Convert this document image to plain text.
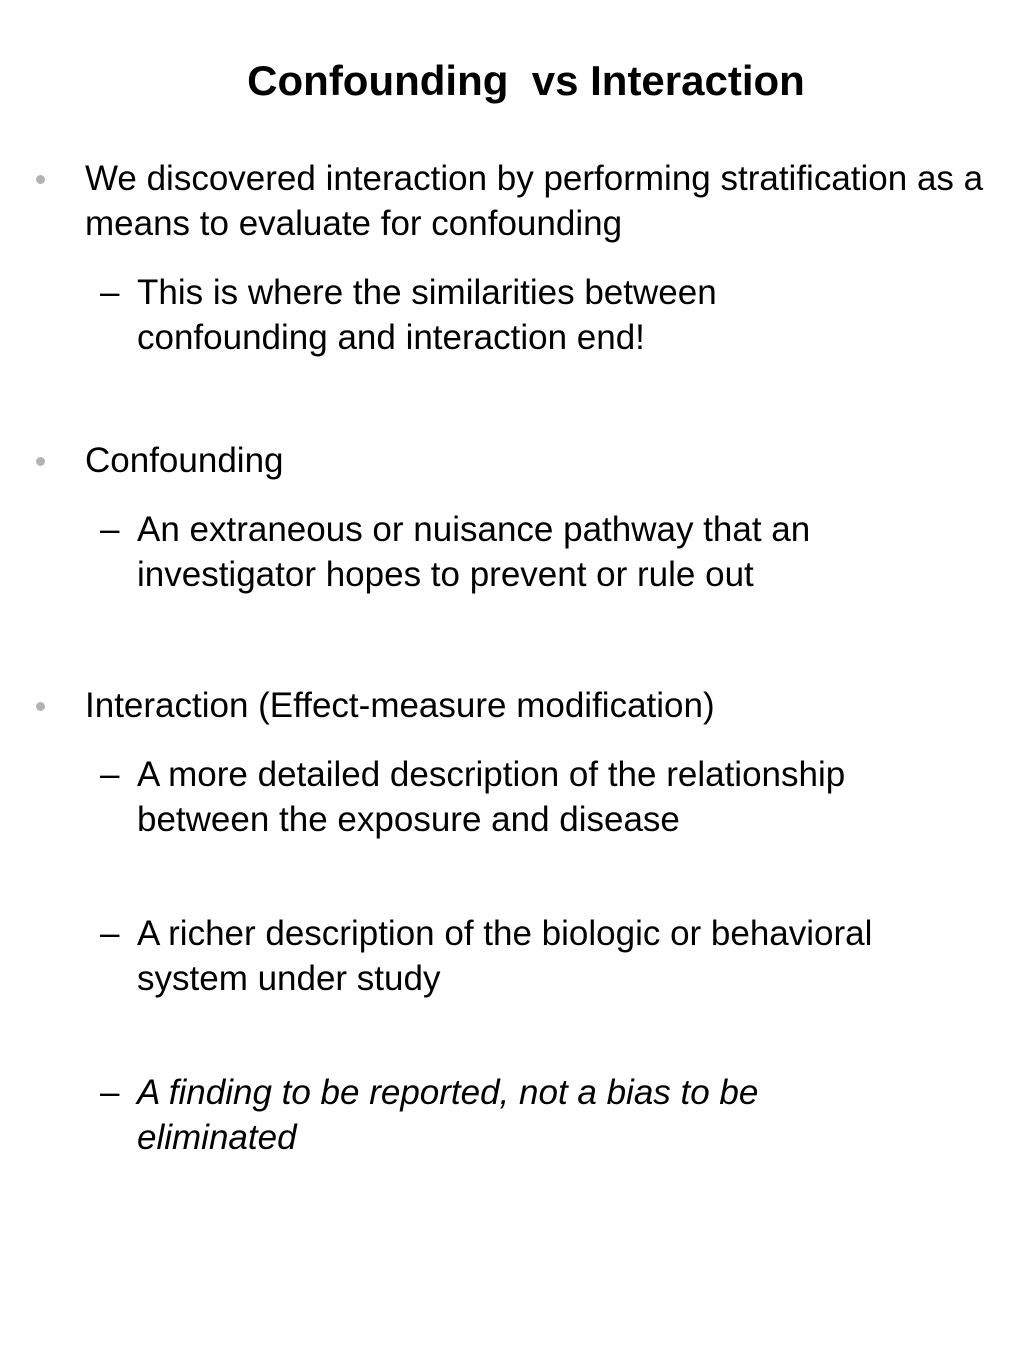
Confounding  vs Interaction
We discovered interaction by performing stratification as a means to evaluate for confounding
– This is where the similarities between confounding and interaction end!
Confounding
– An extraneous or nuisance pathway that an investigator hopes to prevent or rule out
Interaction (Effect-measure modification)
– A more detailed description of the relationship between the exposure and disease
– A richer description of the biologic or behavioral system under study
– A finding to be reported, not a bias to be eliminated
